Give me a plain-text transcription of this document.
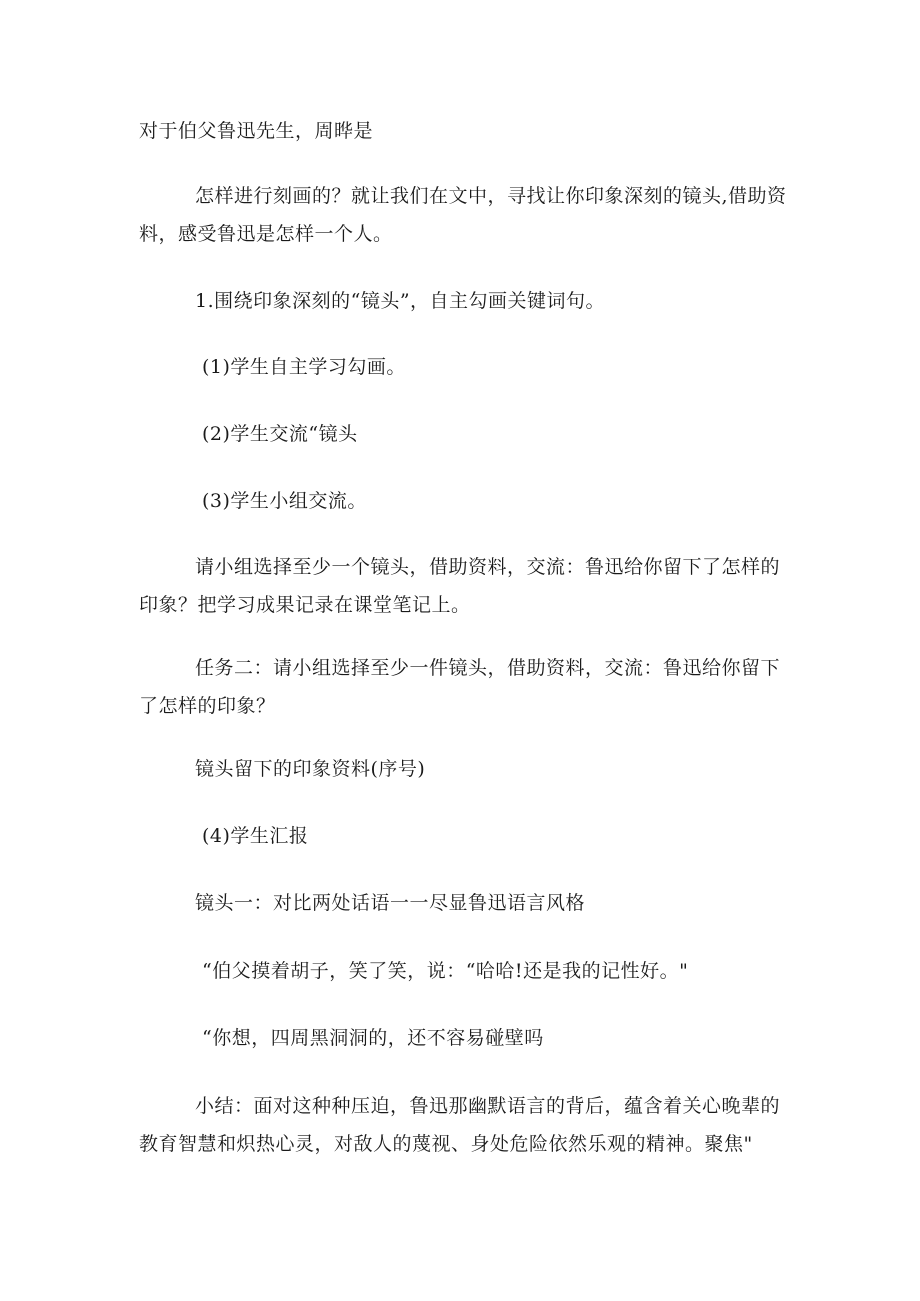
对于伯父鲁迅先生，周晔是

怎样进行刻画的？就让我们在文中，寻找让你印象深刻的镜头,借助资料，感受鲁迅是怎样一个人。

1.围绕印象深刻的“镜头”，自主勾画关键词句。
(1)学生自主学习勾画。
(2)学生交流“镜头
(3)学生小组交流。

请小组选择至少一个镜头，借助资料，交流：鲁迅给你留下了怎样的印象？把学习成果记录在课堂笔记上。

任务二：请小组选择至少一件镜头，借助资料，交流：鲁迅给你留下了怎样的印象？

镜头留下的印象资料(序号)
(4)学生汇报
镜头一：对比两处话语一一尽显鲁迅语言风格
“伯父摸着胡子，笑了笑，说：“哈哈!还是我的记性好。"
“你想，四周黑洞洞的，还不容易碰壁吗

小结：面对这种种压迫，鲁迅那幽默语言的背后，蕴含着关心晚辈的教育智慧和炽热心灵，对敌人的蔑视、身处危险依然乐观的精神。聚焦"
